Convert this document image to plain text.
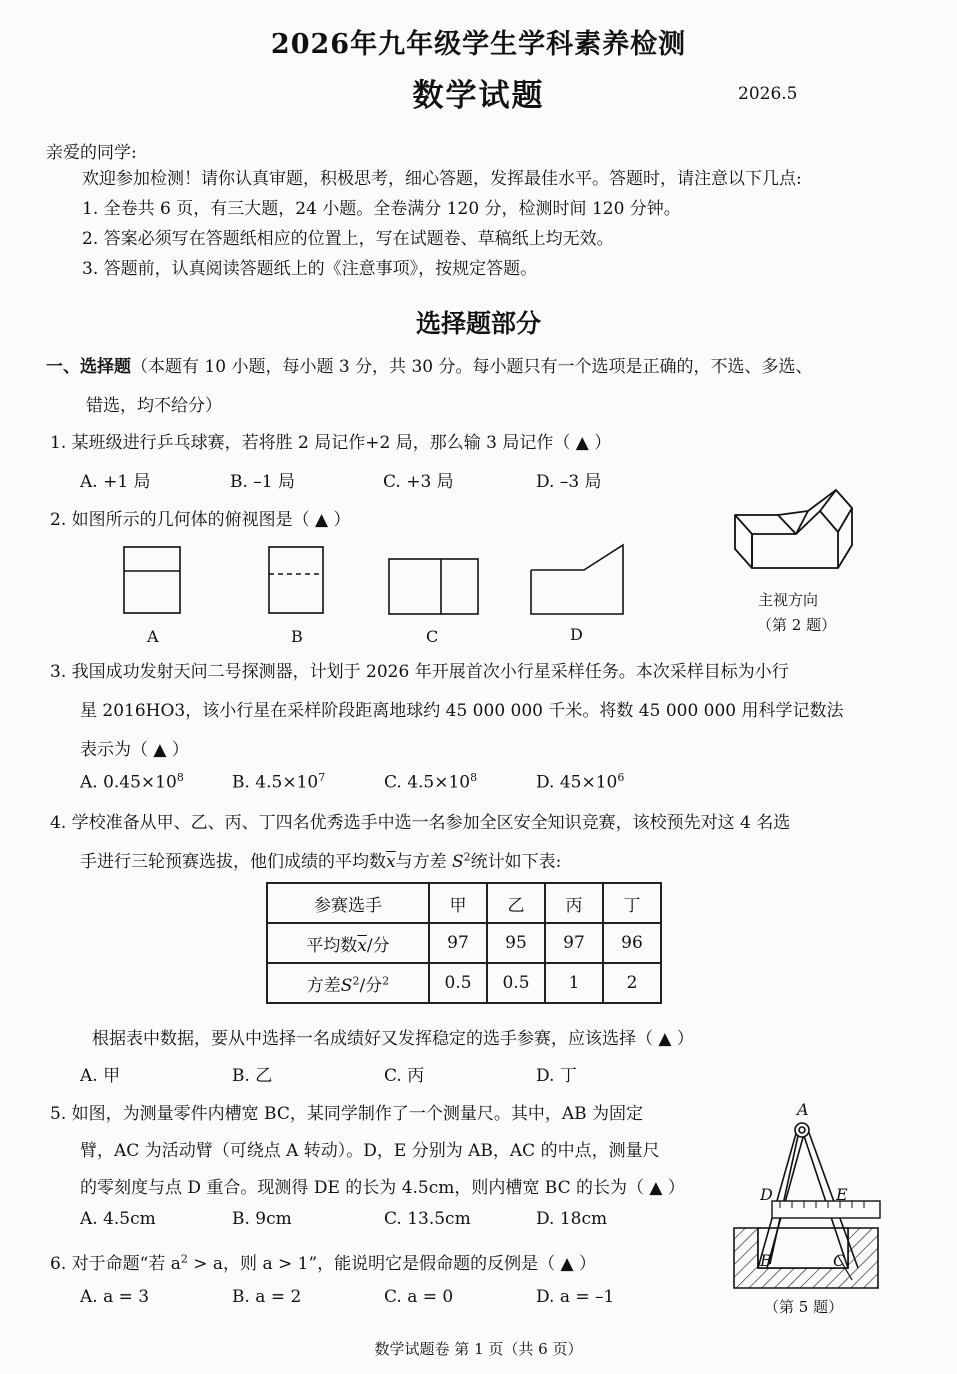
2026年九年级学生学科素养检测
数学试题	2026.5
亲爱的同学:
欢迎参加检测！请你认真审题，积极思考，细心答题，发挥最佳水平。答题时，请注意以下几点:
1. 全卷共 6 页，有三大题，24 小题。全卷满分 120 分，检测时间 120 分钟。
2. 答案必须写在答题纸相应的位置上，写在试题卷、草稿纸上均无效。
3. 答题前，认真阅读答题纸上的《注意事项》，按规定答题。
选择题部分
一、选择题（本题有 10 小题，每小题 3 分，共 30 分。每小题只有一个选项是正确的，不选、多选、
错选，均不给分）
1. 某班级进行乒乓球赛，若将胜 2 局记作+2 局，那么输 3 局记作（ ▲ ）
A. +1 局	B. –1 局	C. +3 局	D. –3 局
2. 如图所示的几何体的俯视图是（ ▲ ）
A	B	C	D
主视方向
（第 2 题）
3. 我国成功发射天问二号探测器，计划于 2026 年开展首次小行星采样任务。本次采样目标为小行
星 2016HO3，该小行星在采样阶段距离地球约 45 000 000 千米。将数 45 000 000 用科学记数法
表示为（ ▲ ）
A. $0.45\times 10^8$	B. $4.5\times 10^7$	C. $4.5\times 10^8$	D. $45\times 10^6$
4. 学校准备从甲、乙、丙、丁四名优秀选手中选一名参加全区安全知识竞赛，该校预先对这 4 名选
手进行三轮预赛选拔，他们成绩的平均数$\overline{x}$与方差 $S^2$统计如下表:
参赛选手	甲	乙	丙	丁
平均数$\overline{x}/$分	97	95	97	96
方差$S^2/$分$^2$	0.5	0.5	1	2
根据表中数据，要从中选择一名成绩好又发挥稳定的选手参赛，应该选择（ ▲ ）
A. 甲	B. 乙	C. 丙	D. 丁
5. 如图，为测量零件内槽宽 BC，某同学制作了一个测量尺。其中，AB 为固定
臂，AC 为活动臂（可绕点 A 转动）。D，E 分别为 AB，AC 的中点，测量尺
的零刻度与点 D 重合。现测得 DE 的长为 4.5cm，则内槽宽 BC 的长为（ ▲ ）
A. 4.5cm	B. 9cm	C. 13.5cm	D. 18cm
A
D	E
B	C
（第 5 题）
6. 对于命题“若 $a^2 > a$，则 a > 1”，能说明它是假命题的反例是（ ▲ ）
A. a = 3	B. a = 2	C. a = 0	D. a = –1
数学试题卷 第 1 页（共 6 页）
